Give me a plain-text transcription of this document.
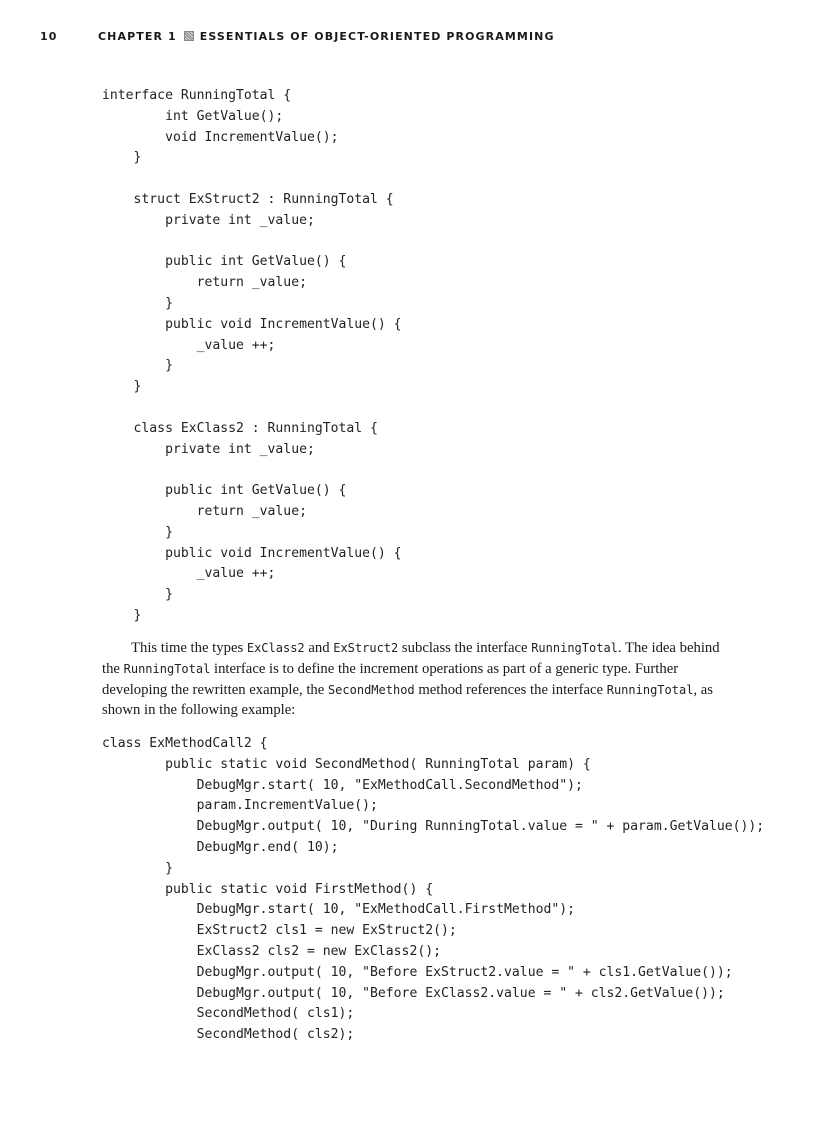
10	CHAPTER 1 ESSENTIALS OF OBJECT-ORIENTED PROGRAMMING
interface RunningTotal {
int GetValue();
void IncrementValue();
}

struct ExStruct2 : RunningTotal {
private int _value;

public int GetValue() {
return _value;
}
public void IncrementValue() {
_value ++;
}
}

class ExClass2 : RunningTotal {
private int _value;

public int GetValue() {
return _value;
}
public void IncrementValue() {
_value ++;
}
}

This time the types ExClass2 and ExStruct2 subclass the interface RunningTotal. The idea behind the RunningTotal interface is to define the increment operations as part of a generic type. Further developing the rewritten example, the SecondMethod method references the interface RunningTotal, as shown in the following example:

class ExMethodCall2 {
public static void SecondMethod( RunningTotal param) {
DebugMgr.start( 10, "ExMethodCall.SecondMethod");
param.IncrementValue();
DebugMgr.output( 10, "During RunningTotal.value = " + param.GetValue());
DebugMgr.end( 10);
}
public static void FirstMethod() {
DebugMgr.start( 10, "ExMethodCall.FirstMethod");
ExStruct2 cls1 = new ExStruct2();
ExClass2 cls2 = new ExClass2();
DebugMgr.output( 10, "Before ExStruct2.value = " + cls1.GetValue());
DebugMgr.output( 10, "Before ExClass2.value = " + cls2.GetValue());
SecondMethod( cls1);
SecondMethod( cls2);
